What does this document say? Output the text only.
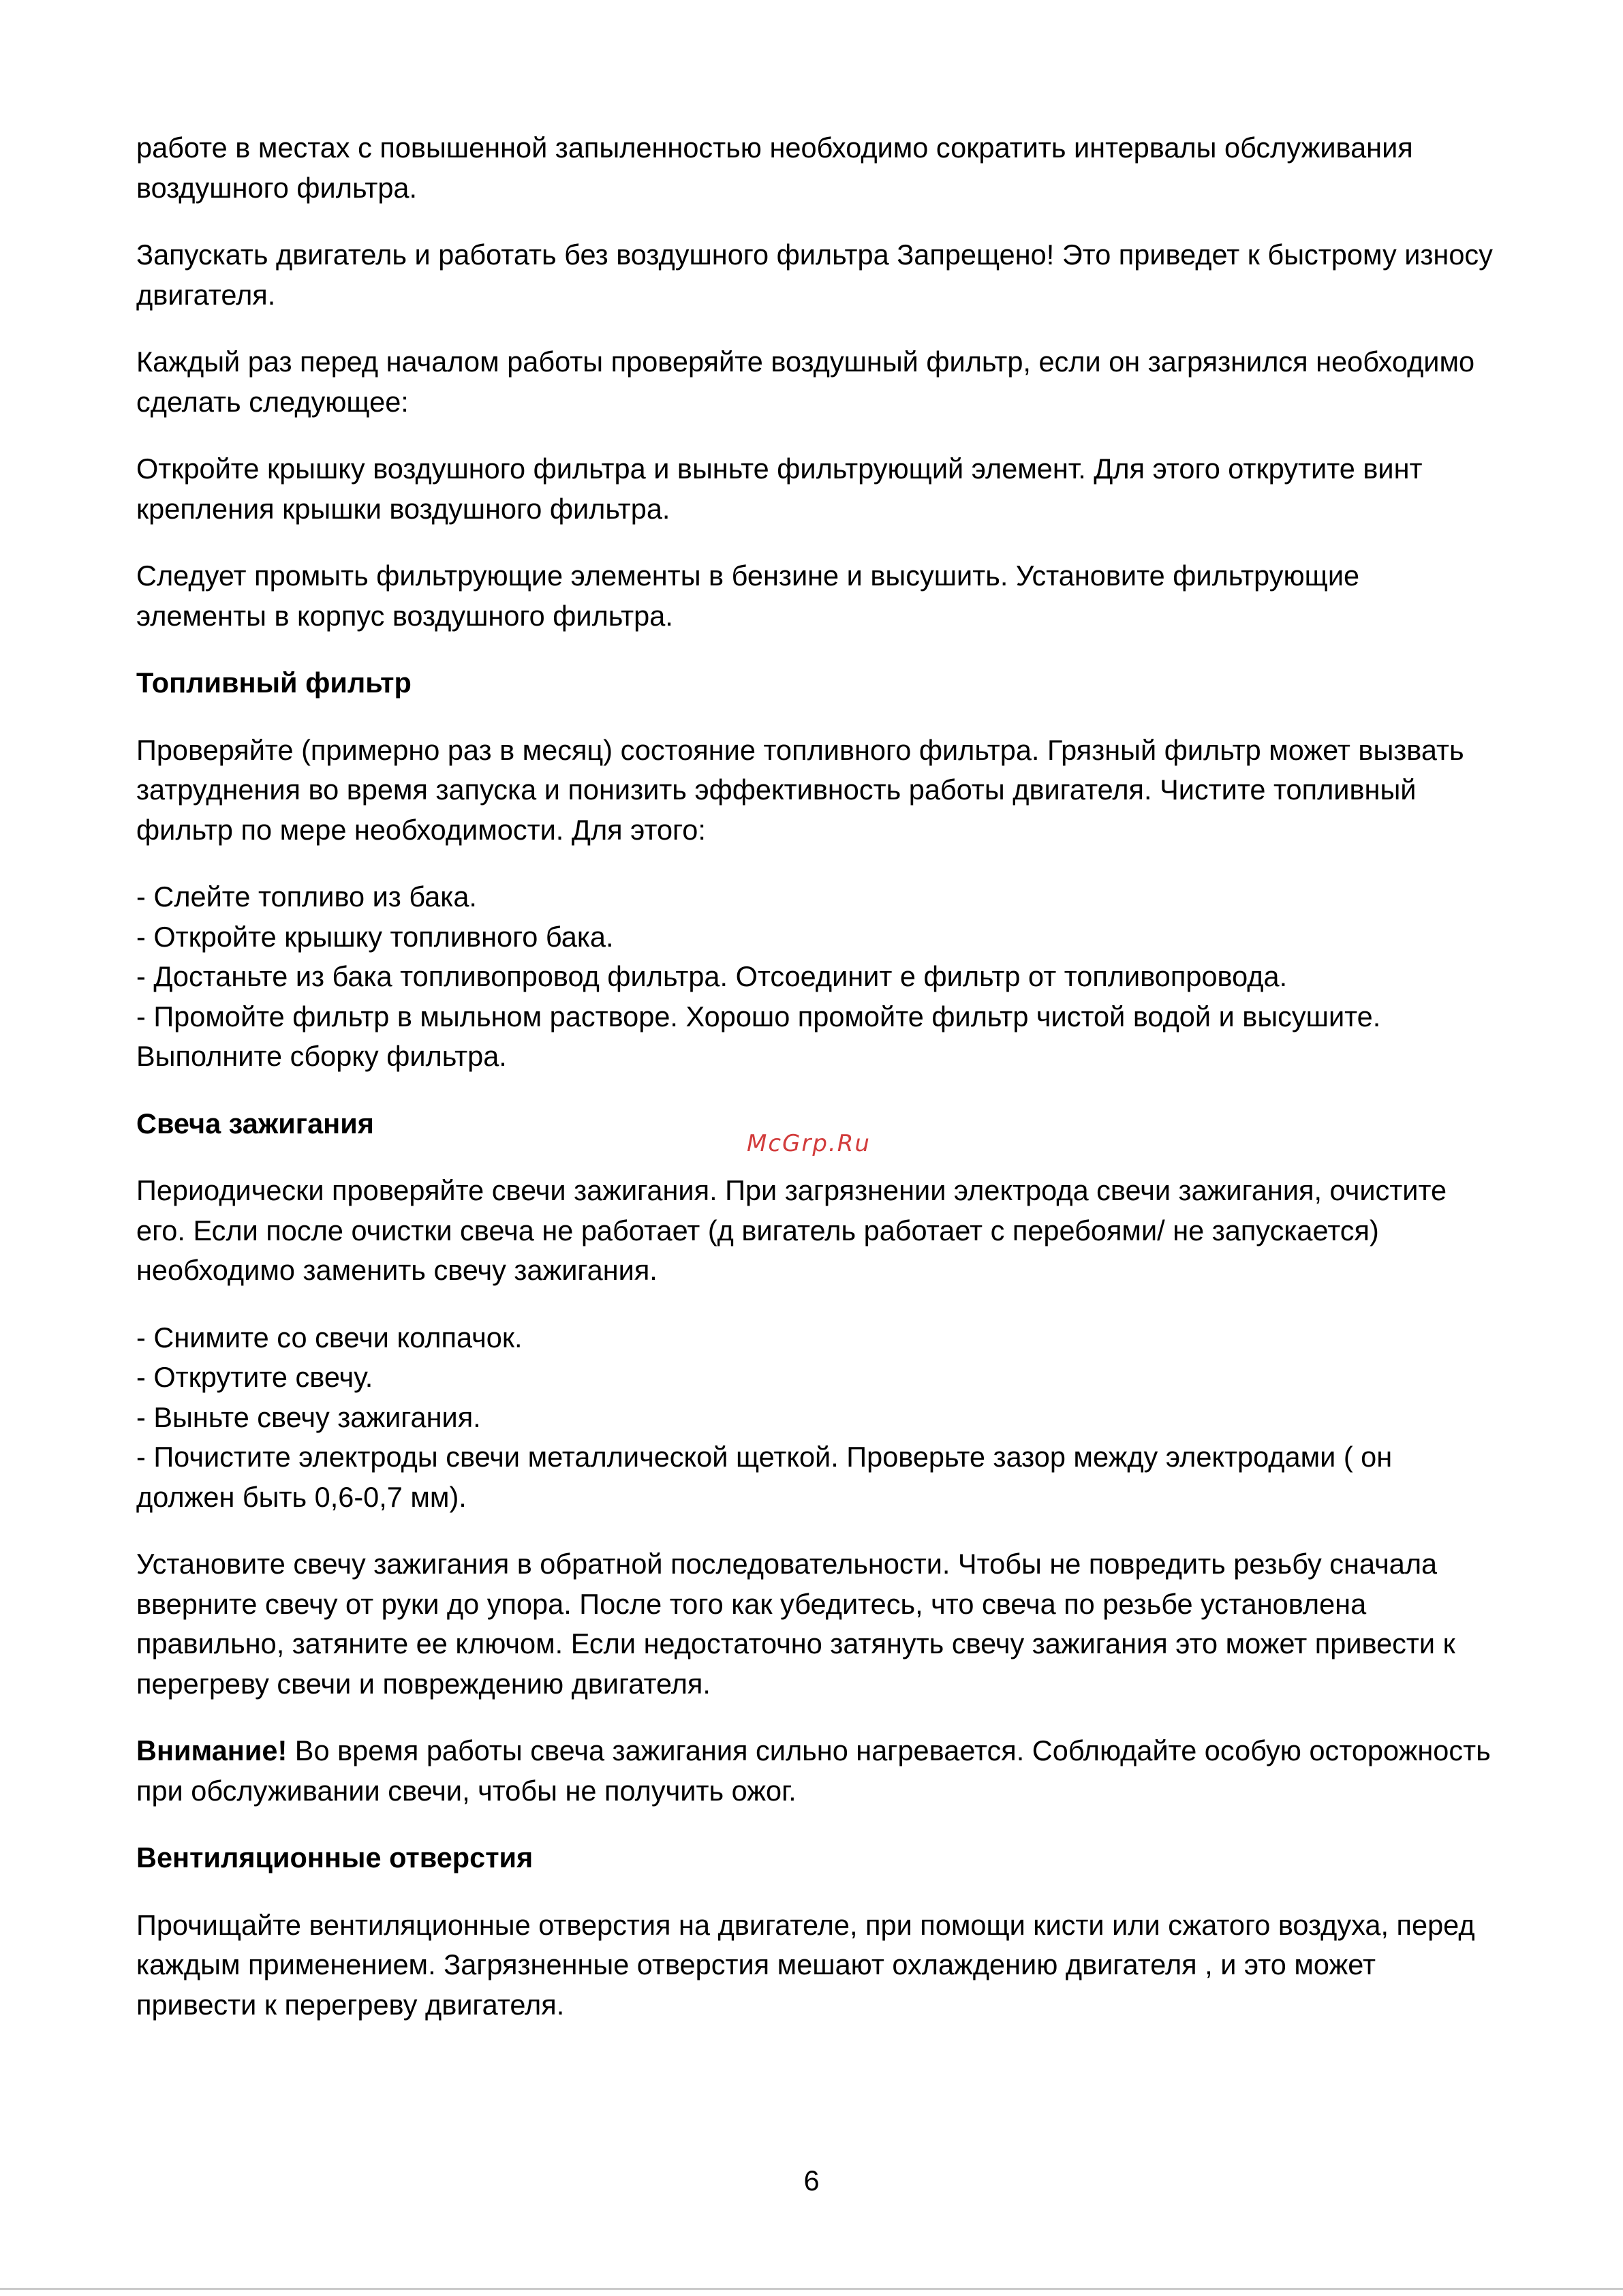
работе в местах с повышенной запыленностью необходимо сократить интервалы обслуживания воздушного фильтра.

Запускать двигатель и работать без воздушного фильтра Запрещено! Это приведет к быстрому износу двигателя.

Каждый раз перед началом работы проверяйте воздушный фильтр, если он загрязнился необходимо сделать следующее:

Откройте крышку воздушного фильтра и выньте фильтрующий элемент. Для этого открутите винт крепления крышки воздушного фильтра.

Следует промыть фильтрующие элементы в бензине и высушить. Установите фильтрующие элементы в корпус воздушного фильтра.

Топливный фильтр

Проверяйте (примерно раз в месяц) состояние топливного фильтра. Грязный фильтр может вызвать затруднения во время запуска и понизить эффективность работы двигателя. Чистите топливный фильтр по мере необходимости. Для этого:

- Слейте топливо из бака.
- Откройте крышку топливного бака.
- Достаньте из бака топливопровод фильтра. Отсоединит е фильтр от топливопровода.
- Промойте фильтр в мыльном растворе. Хорошо промойте фильтр чистой водой и высушите. Выполните сборку фильтра.

Свеча зажигания

Периодически проверяйте свечи зажигания. При загрязнении электрода свечи зажигания, очистите его. Если после очистки свеча не работает (д вигатель работает с перебоями/ не запускается) необходимо заменить свечу зажигания.

- Снимите со свечи колпачок.
- Открутите свечу.
- Выньте свечу зажигания.
- Почистите электроды свечи металлической щеткой. Проверьте зазор между электродами ( он должен быть 0,6-0,7 мм).

Установите свечу зажигания в обратной последовательности. Чтобы не повредить резьбу сначала вверните свечу от руки до упора. После того как убедитесь, что свеча по резьбе установлена правильно, затяните ее ключом. Если недостаточно затянуть свечу зажигания это может привести к перегреву свечи и повреждению двигателя.

Внимание! Во время работы свеча зажигания сильно нагревается. Соблюдайте особую осторожность при обслуживании свечи, чтобы не получить ожог.

Вентиляционные отверстия

Прочищайте вентиляционные отверстия на двигателе, при помощи кисти или сжатого воздуха, перед каждым применением. Загрязненные отверстия мешают охлаждению двигателя , и это может привести к перегреву двигателя.

McGrp.Ru
6
